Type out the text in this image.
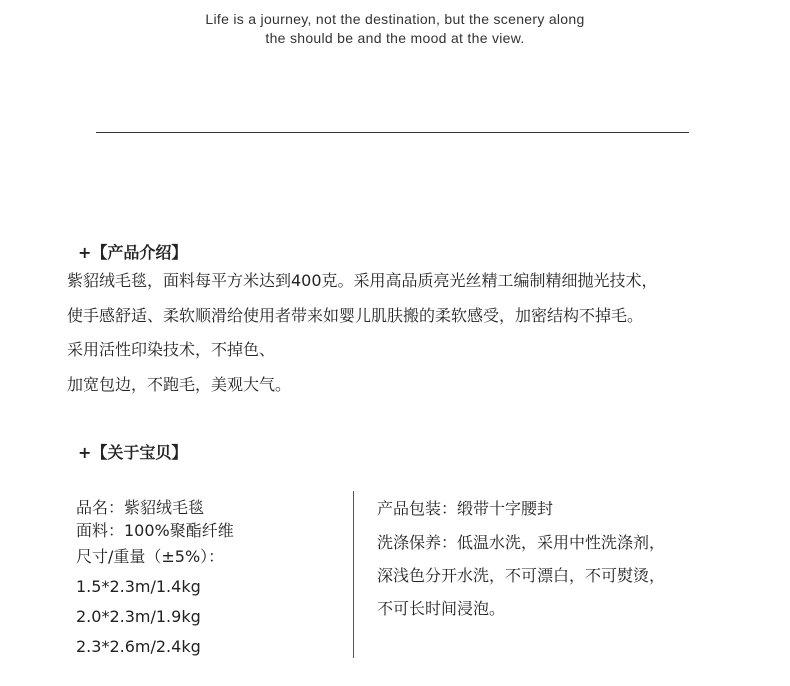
Life is a journey, not the destination, but the scenery along
the should be and the mood at the view.
+【产品介绍】

紫貂绒毛毯，面料每平方米达到400克。采用高品质亮光丝精工编制精细抛光技术，

使手感舒适、柔软顺滑给使用者带来如婴儿肌肤搬的柔软感受，加密结构不掉毛。

采用活性印染技术，不掉色、

加宽包边，不跑毛，美观大气。

+【关于宝贝】
品名：紫貂绒毛毯
面料：100%聚酯纤维
尺寸/重量（±5%）：
1.5*2.3m/1.4kg
2.0*2.3m/1.9kg
2.3*2.6m/2.4kg
产品包装：缎带十字腰封
洗涤保养：低温水洗，采用中性洗涤剂，
深浅色分开水洗，不可漂白，不可熨烫，
不可长时间浸泡。
